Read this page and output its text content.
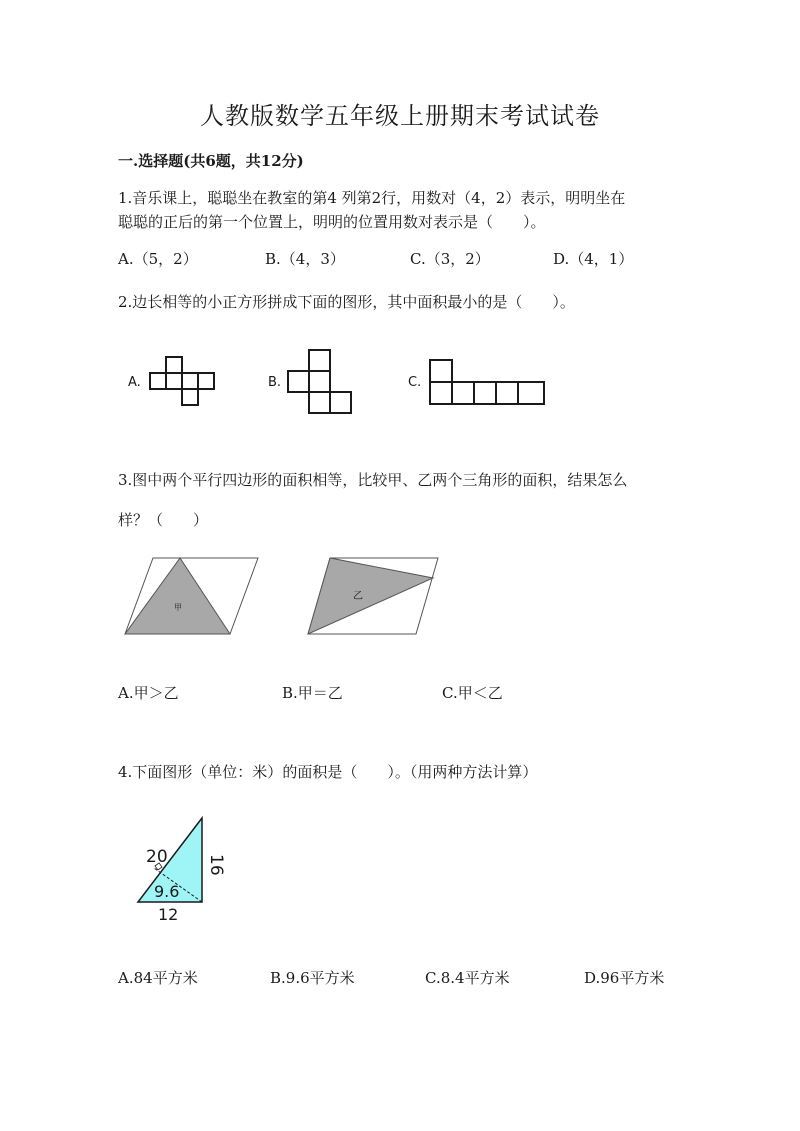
人教版数学五年级上册期末考试试卷
一.选择题(共6题，共12分)
1.音乐课上，聪聪坐在教室的第4 列第2行，用数对（4，2）表示，明明坐在
聪聪的正后的第一个位置上，明明的位置用数对表示是（　　）。
A.（5，2）	B.（4，3）	C.（3，2）	D.（4，1）
2.边长相等的小正方形拼成下面的图形，其中面积最小的是（　　）。
A.	B.	C.
3.图中两个平行四边形的面积相等，比较甲、乙两个三角形的面积，结果怎么
样？（　　）
甲
乙
A.甲＞乙	B.甲＝乙	C.甲＜乙
4.下面图形（单位：米）的面积是（　　）。（用两种方法计算）
20 16
9.6
12
A.84平方米	B.9.6平方米	C.8.4平方米	D.96平方米
